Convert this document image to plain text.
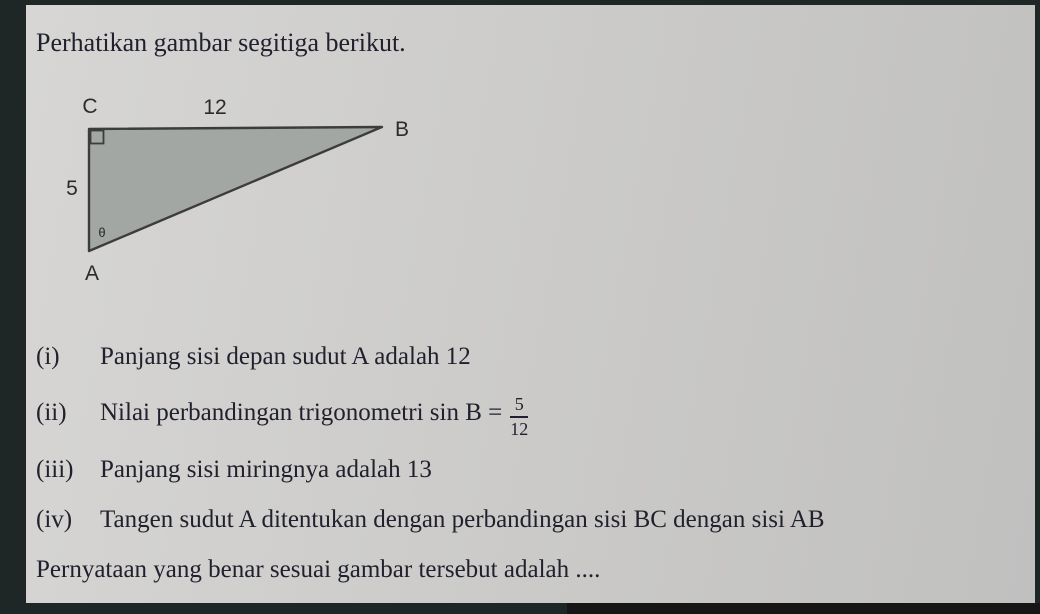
Perhatikan gambar segitiga berikut.
C	12
B
5
θ
A
(i) Panjang sisi depan sudut A adalah 12
(ii)	Nilai perbandingan trigonometri $\sin B = \frac{5}{12}$
(iii) Panjang sisi miringnya adalah 13
(iv) Tangen sudut A ditentukan dengan perbandingan sisi BC dengan sisi AB
Pernyataan yang benar sesuai gambar tersebut adalah ....
